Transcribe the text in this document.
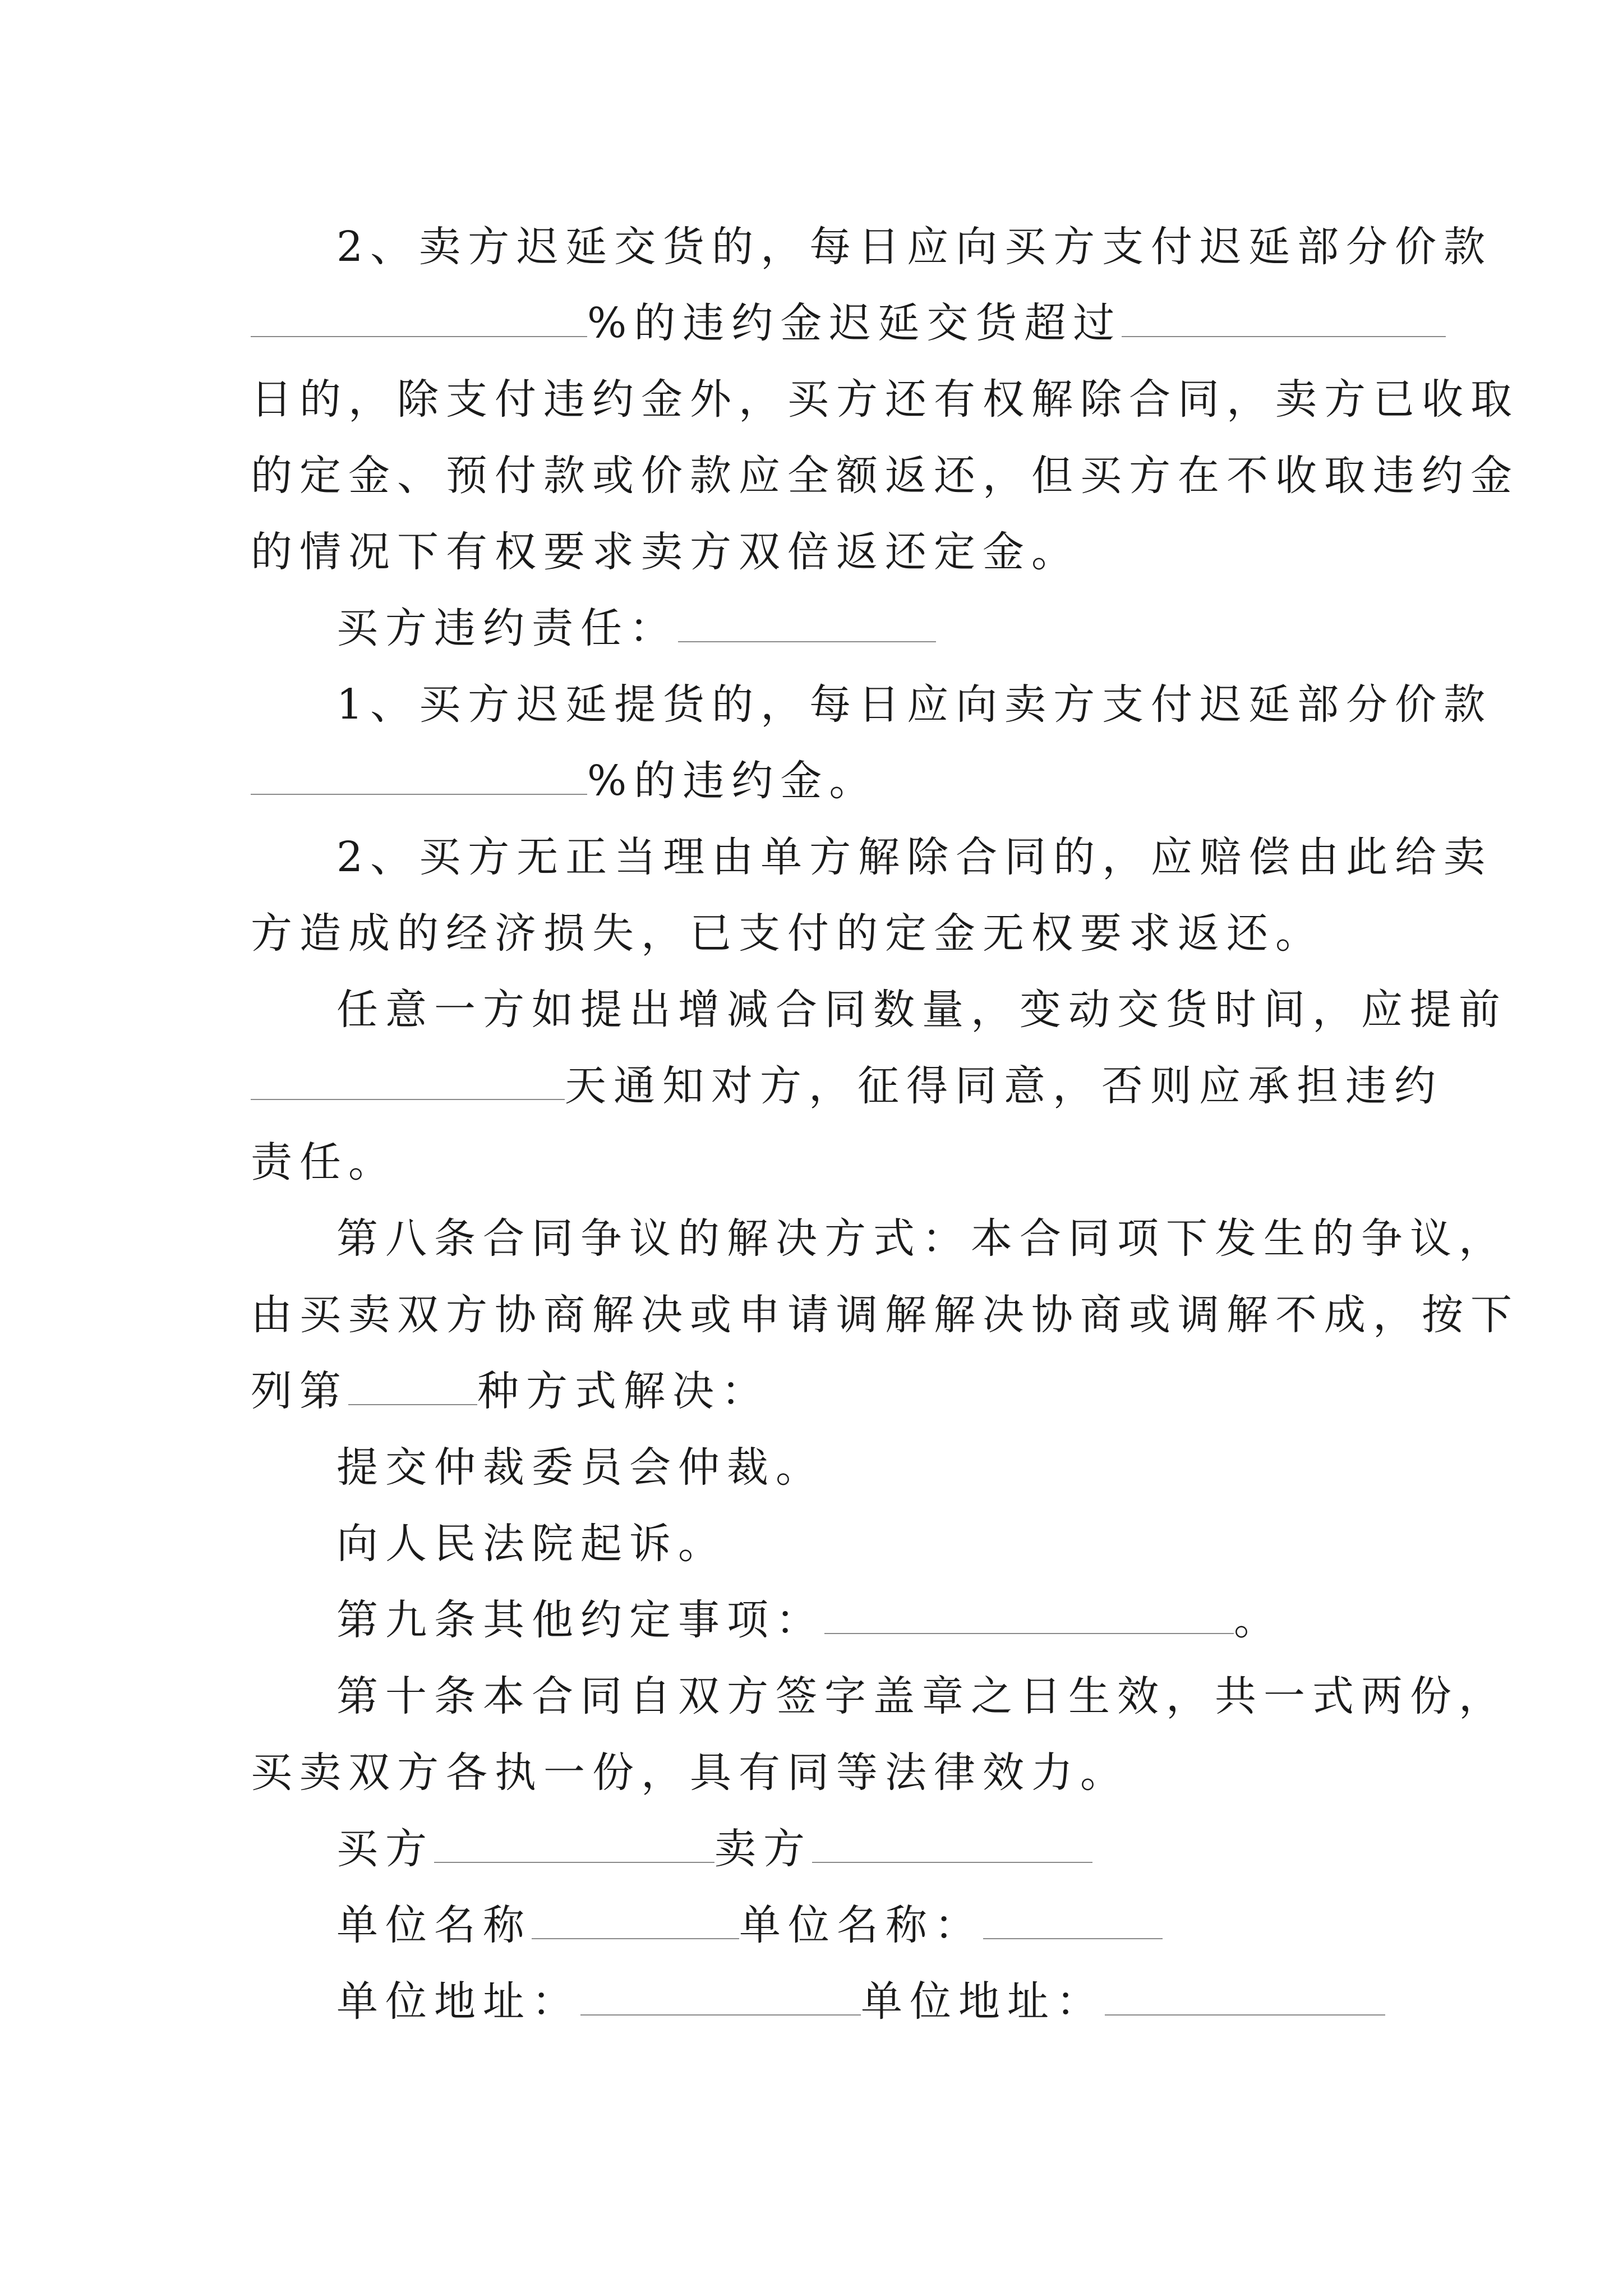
2、卖方迟延交货的，每日应向买方支付迟延部分价款
%的违约金迟延交货超过
日的，除支付违约金外，买方还有权解除合同，卖方已收取
的定金、预付款或价款应全额返还，但买方在不收取违约金
的情况下有权要求卖方双倍返还定金。
买方违约责任：
1、买方迟延提货的，每日应向卖方支付迟延部分价款
%的违约金。
2、买方无正当理由单方解除合同的，应赔偿由此给卖
方造成的经济损失，已支付的定金无权要求返还。
任意一方如提出增减合同数量，变动交货时间，应提前
天通知对方，征得同意，否则应承担违约
责任。
第八条合同争议的解决方式：本合同项下发生的争议，
由买卖双方协商解决或申请调解解决协商或调解不成，按下
列第	种方式解决：
提交仲裁委员会仲裁。
向人民法院起诉。
第九条其他约定事项：	。
第十条本合同自双方签字盖章之日生效，共一式两份，
买卖双方各执一份，具有同等法律效力。
买方	卖方
单位名称	单位名称：
单位地址：	单位地址：
